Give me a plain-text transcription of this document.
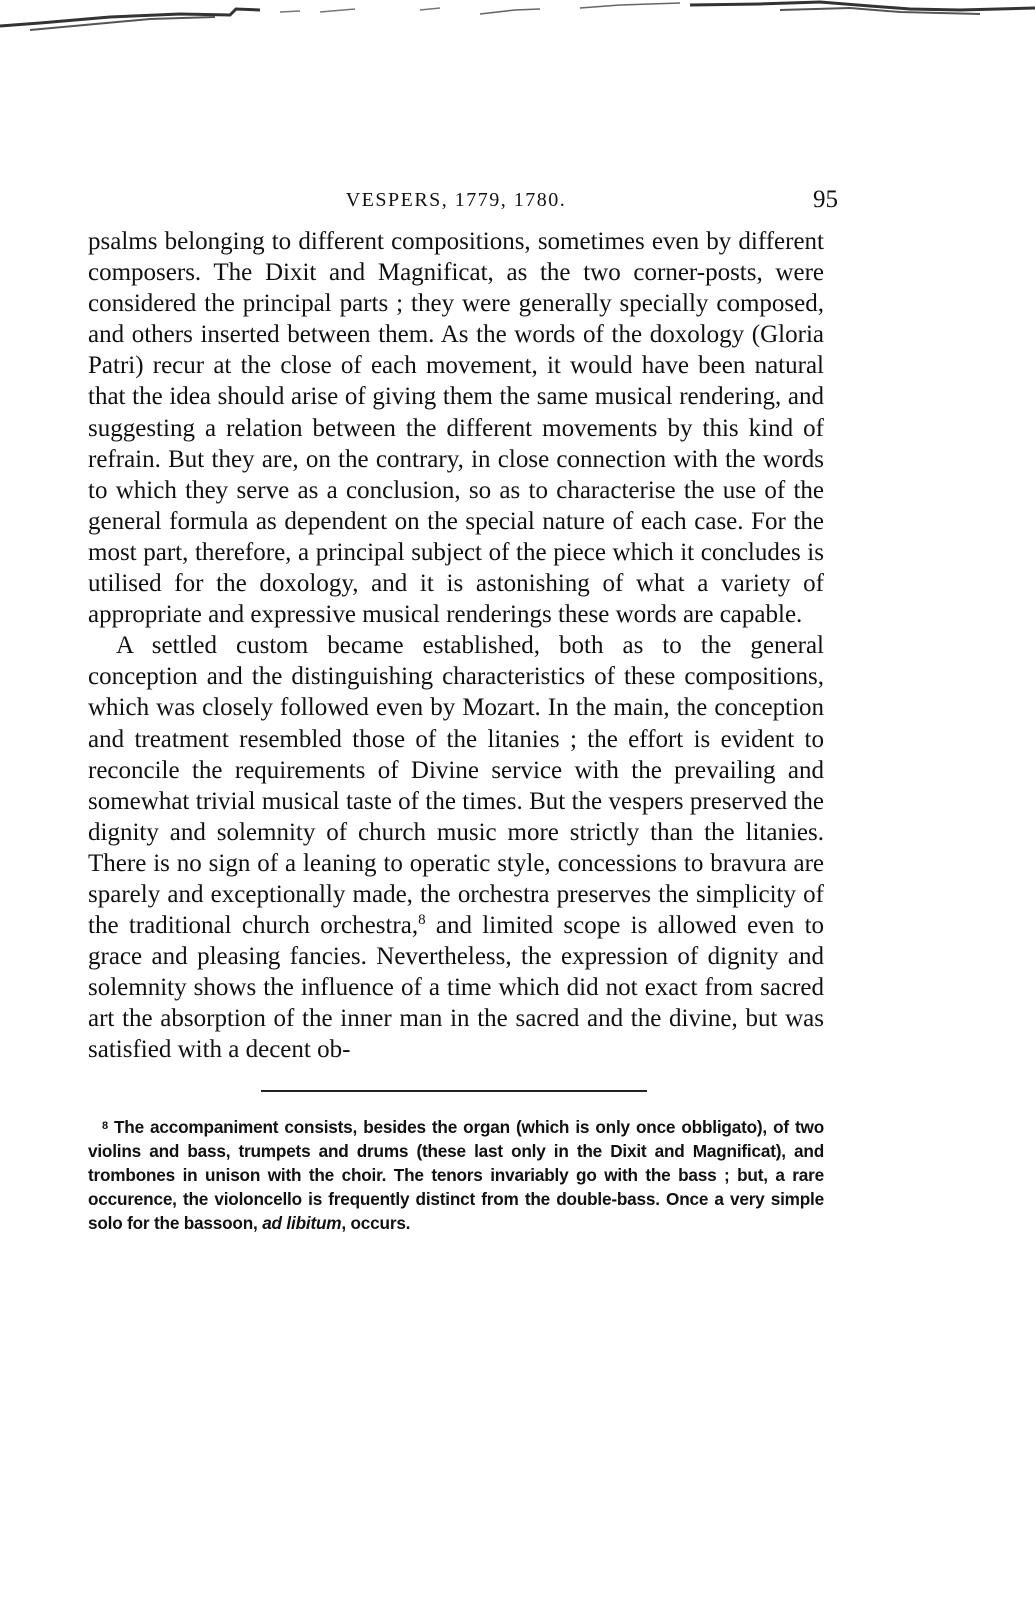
VESPERS, 1779, 1780.	95

psalms belonging to different compositions, sometimes even by different composers. The Dixit and Magnificat, as the two corner-posts, were considered the principal parts ; they were generally specially composed, and others inserted between them. As the words of the doxology (Gloria Patri) recur at the close of each movement, it would have been natural that the idea should arise of giving them the same musical rendering, and suggesting a relation between the different movements by this kind of refrain. But they are, on the contrary, in close connection with the words to which they serve as a conclusion, so as to characterise the use of the general formula as dependent on the special nature of each case. For the most part, therefore, a principal subject of the piece which it concludes is utilised for the doxology, and it is astonishing of what a variety of appropriate and expressive musical renderings these words are capable.

A settled custom became established, both as to the general conception and the distinguishing characteristics of these compositions, which was closely followed even by Mozart. In the main, the conception and treatment resembled those of the litanies ; the effort is evident to reconcile the requirements of Divine service with the prevailing and somewhat trivial musical taste of the times. But the vespers preserved the dignity and solemnity of church music more strictly than the litanies. There is no sign of a leaning to operatic style, concessions to bravura are sparely and exceptionally made, the orchestra preserves the simplicity of the traditional church orchestra,$^8$ and limited scope is allowed even to grace and pleasing fancies. Nevertheless, the expression of dignity and solemnity shows the influence of a time which did not exact from sacred art the absorption of the inner man in the sacred and the divine, but was satisfied with a decent ob-

$^8$ The accompaniment consists, besides the organ (which is only once obbligato), of two violins and bass, trumpets and drums (these last only in the Dixit and Magnificat), and trombones in unison with the choir. The tenors invariably go with the bass ; but, a rare occurence, the violoncello is frequently distinct from the double-bass. Once a very simple solo for the bassoon, ad libitum, occurs.
